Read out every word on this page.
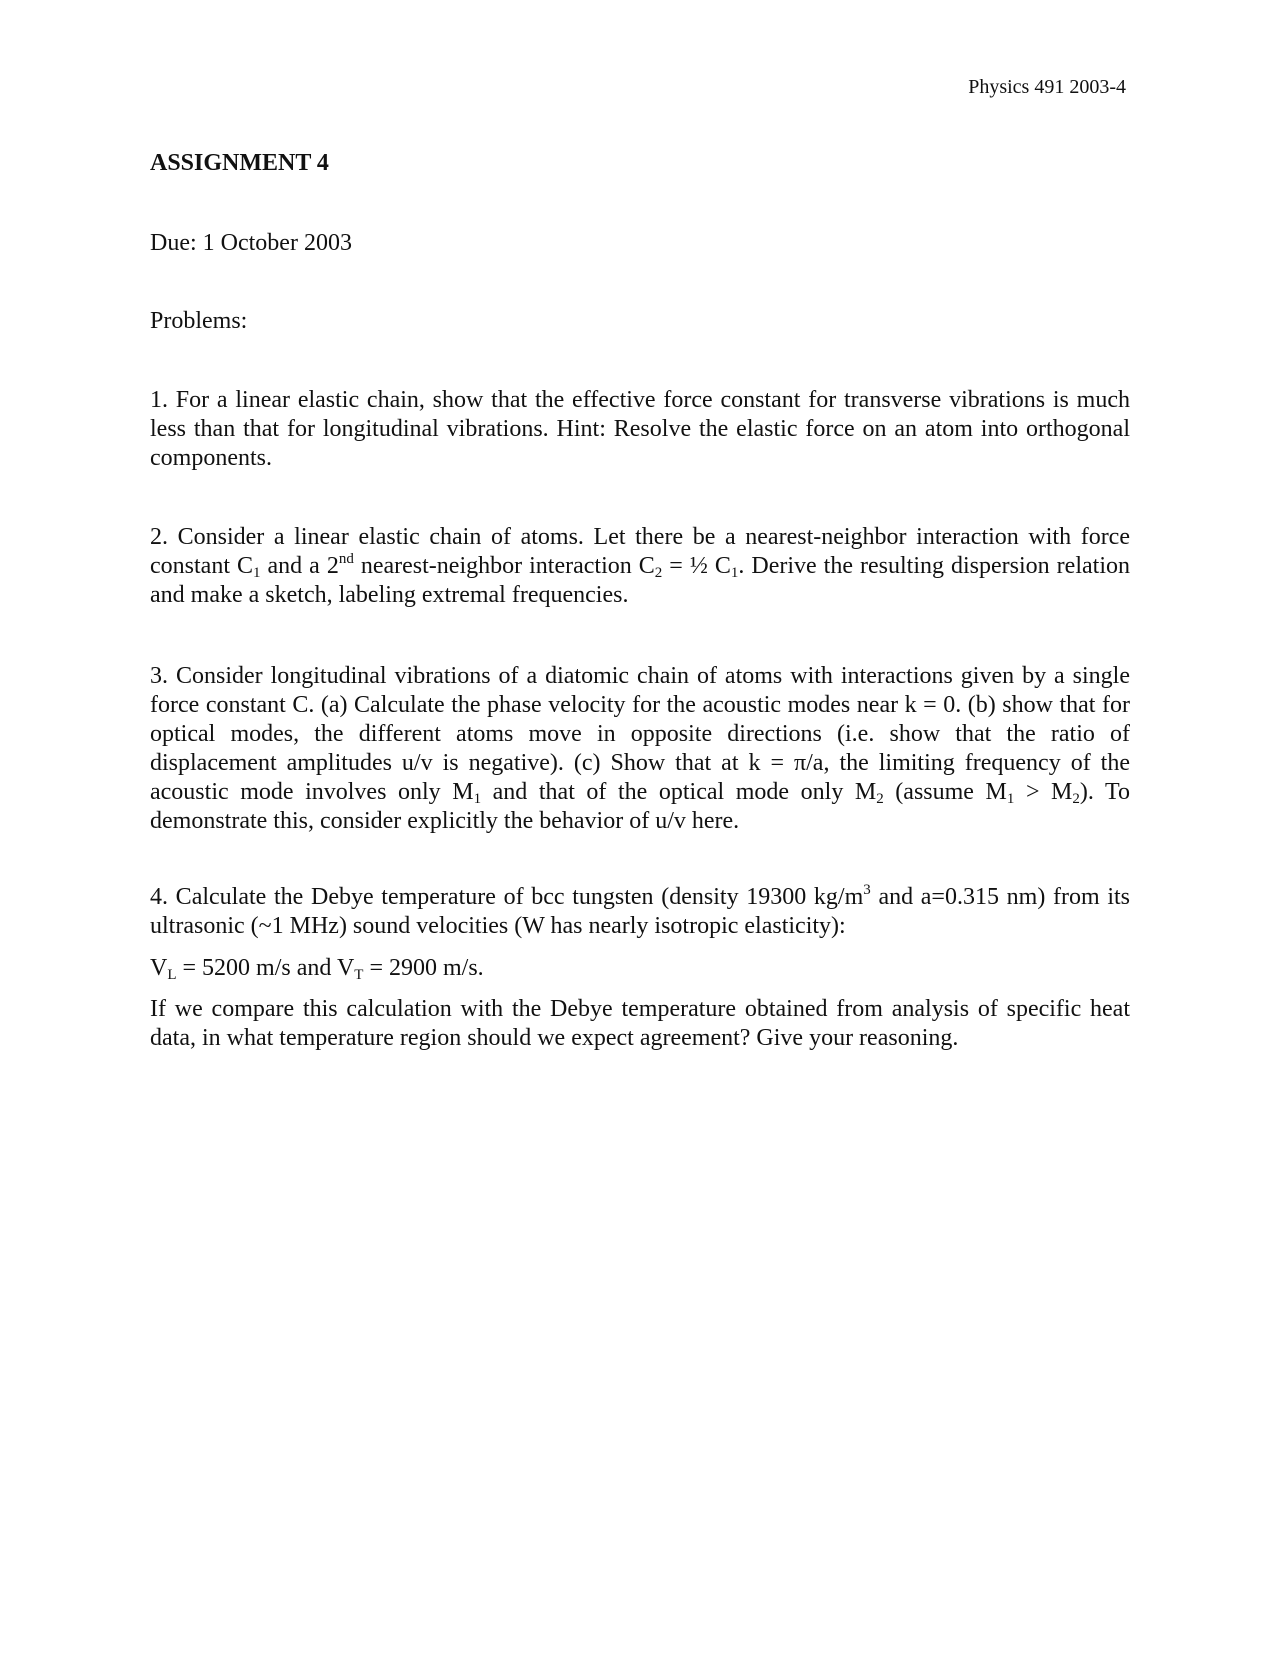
Physics 491 2003-4
ASSIGNMENT 4
Due: 1 October 2003
Problems:

1. For a linear elastic chain, show that the effective force constant for transverse vibrations is much less than that for longitudinal vibrations. Hint: Resolve the elastic force on an atom into orthogonal components.

2. Consider a linear elastic chain of atoms. Let there be a nearest-neighbor interaction with force constant $C_1$ and a 2nd nearest-neighbor interaction $C_2$ = ½ $C_1$. Derive the resulting dispersion relation and make a sketch, labeling extremal frequencies.

3. Consider longitudinal vibrations of a diatomic chain of atoms with interactions given by a single force constant C. (a) Calculate the phase velocity for the acoustic modes near k = 0. (b) show that for optical modes, the different atoms move in opposite directions (i.e. show that the ratio of displacement amplitudes u/v is negative). (c) Show that at k = π/a, the limiting frequency of the acoustic mode involves only $M_1$ and that of the optical mode only $M_2$ (assume $M_1 > M_2$). To demonstrate this, consider explicitly the behavior of u/v here.

4. Calculate the Debye temperature of bcc tungsten (density 19300 $kg/m^3$ and a=0.315 nm) from its ultrasonic (~1 MHz) sound velocities (W has nearly isotropic elasticity):

$V_L = 5200$ m/s and $V_T = 2900$ m/s.

If we compare this calculation with the Debye temperature obtained from analysis of specific heat data, in what temperature region should we expect agreement? Give your reasoning.
